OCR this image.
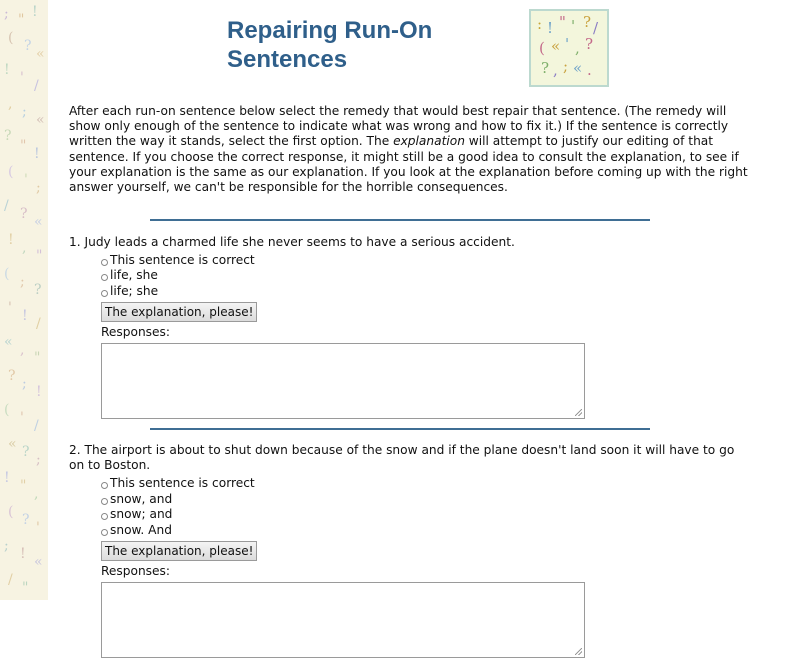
; " !
( ? «
! ' /
, ; «
?
" !
( ' ;
/ ? «
! , "
( ; ?
' ! /
« , "
? ; !
( ' /
« ? ;
! " ,
( ? '
; ! «
/ "
Repairing Run-On
Sentences
: ! " ' ? /
( « ' , ?
? , ; « .

After each run-on sentence below select the remedy that would best repair that sentence. (The remedy will show only enough of the sentence to indicate what was wrong and how to fix it.) If the sentence is correctly written the way it stands, select the first option. The explanation will attempt to justify our editing of that sentence. If you choose the correct response, it might still be a good idea to consult the explanation, to see if your explanation is the same as our explanation. If you look at the explanation before coming up with the right answer yourself, we can't be responsible for the horrible consequences.

1. Judy leads a charmed life she never seems to have a serious accident.

This sentence is correct
life, she
life; she
The explanation, please!
Responses:

2. The airport is about to shut down because of the snow and if the plane doesn't land soon it will have to go on to Boston.

This sentence is correct
snow, and
snow; and
snow. And
The explanation, please!
Responses:
